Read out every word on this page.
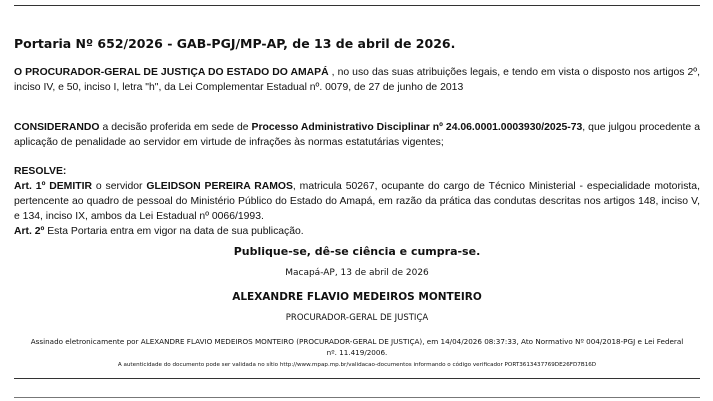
Portaria Nº 652/2026 - GAB-PGJ/MP-AP, de 13 de abril de 2026.
O PROCURADOR-GERAL DE JUSTIÇA DO ESTADO DO AMAPÁ , no uso das suas atribuições legais, e tendo em vista o disposto nos artigos 2º, inciso IV, e 50, inciso I, letra "h", da Lei Complementar Estadual nº. 0079, de 27 de junho de 2013
CONSIDERANDO a decisão proferida em sede de Processo Administrativo Disciplinar nº 24.06.0001.0003930/2025-73, que julgou procedente a aplicação de penalidade ao servidor em virtude de infrações às normas estatutárias vigentes;
RESOLVE:
Art. 1º DEMITIR o servidor GLEIDSON PEREIRA RAMOS, matricula 50267, ocupante do cargo de Técnico Ministerial - especialidade motorista, pertencente ao quadro de pessoal do Ministério Público do Estado do Amapá, em razão da prática das condutas descritas nos artigos 148, inciso V, e 134, inciso IX, ambos da Lei Estadual nº 0066/1993.
Art. 2º Esta Portaria entra em vigor na data de sua publicação.
Publique-se, dê-se ciência e cumpra-se.
Macapá-AP, 13 de abril de 2026
ALEXANDRE FLAVIO MEDEIROS MONTEIRO
PROCURADOR-GERAL DE JUSTIÇA
Assinado eletronicamente por ALEXANDRE FLAVIO MEDEIROS MONTEIRO (PROCURADOR-GERAL DE JUSTIÇA), em 14/04/2026 08:37:33, Ato Normativo Nº 004/2018-PGJ e Lei Federal nº. 11.419/2006.
A autenticidade do documento pode ser validada no sítio http://www.mpap.mp.br/validacao-documentos informando o código verificador PORT3613437769DE26FD7B16D
